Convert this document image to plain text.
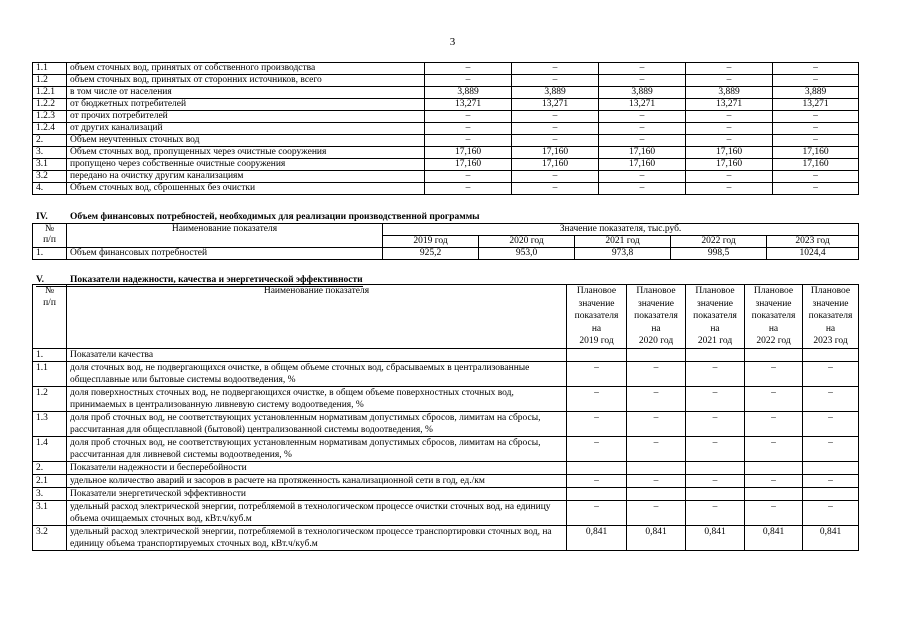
3
1.1	объем сточных вод, принятых от собственного производства	–	–	–	–	–
1.2	объем сточных вод, принятых от сторонних источников, всего	–	–	–	–	–
1.2.1	в том числе от населения	3,889	3,889	3,889	3,889	3,889
1.2.2	от бюджетных потребителей	13,271	13,271	13,271	13,271	13,271
1.2.3	от прочих потребителей	–	–	–	–	–
1.2.4	от других канализаций	–	–	–	–	–
2.	Объем неучтенных сточных вод	–	–	–	–	–
3.	Объем сточных вод, пропущенных через очистные сооружения	17,160	17,160	17,160	17,160	17,160
3.1	пропущено через собственные очистные сооружения	17,160	17,160	17,160	17,160	17,160
3.2	передано на очистку другим канализациям	–	–	–	–	–
4.	Объем сточных вод, сброшенных без очистки	–	–	–	–	–
IV. Объем финансовых потребностей, необходимых для реализации производственной программы
№
п/п	Наименование показателя	Значение показателя, тыс.руб.				
		2019 год	2020 год	2021 год	2022 год	2023 год
1.	Объем финансовых потребностей	925,2	953,0	973,8	998,5	1024,4
V.	Показатели надежности, качества и энергетической эффективности
№
п/п	Наименование показателя	Плановое
значение
показателя
на
2019 год	Плановое
значение
показателя
на
2020 год	Плановое
значение
показателя
на
2021 год	Плановое
значение
показателя
на
2022 год	Плановое
значение
показателя
на
2023 год
1.	Показатели качества					
1.1	доля сточных вод, не подвергающихся очистке, в общем объеме сточных вод, сбрасываемых в централизованные общесплавные или бытовые системы водоотведения, %	–	–	–	–	–
1.2	доля поверхностных сточных вод, не подвергающихся очистке, в общем объеме поверхностных сточных вод, принимаемых в централизованную ливневую систему водоотведения, %	–	–	–	–	–
1.3	доля проб сточных вод, не соответствующих установленным нормативам допустимых сбросов, лимитам на сбросы, рассчитанная для общесплавной (бытовой) централизованной системы водоотведения, %	–	–	–	–	–
1.4	доля проб сточных вод, не соответствующих установленным нормативам допустимых сбросов, лимитам на сбросы, рассчитанная для ливневой системы водоотведения, %	–	–	–	–	–
2.	Показатели надежности и бесперебойности					
2.1	удельное количество аварий и засоров в расчете на протяженность канализационной сети в год, ед./км	–	–	–	–	–
3.	Показатели энергетической эффективности					
3.1	удельный расход электрической энергии, потребляемой в технологическом процессе очистки сточных вод, на единицу объема очищаемых сточных вод, кВт.ч/куб.м	–	–	–	–	–
3.2	удельный расход электрической энергии, потребляемой в технологическом процессе транспортировки сточных вод, на единицу объема транспортируемых сточных вод, кВт.ч/куб.м	0,841	0,841	0,841	0,841	0,841
